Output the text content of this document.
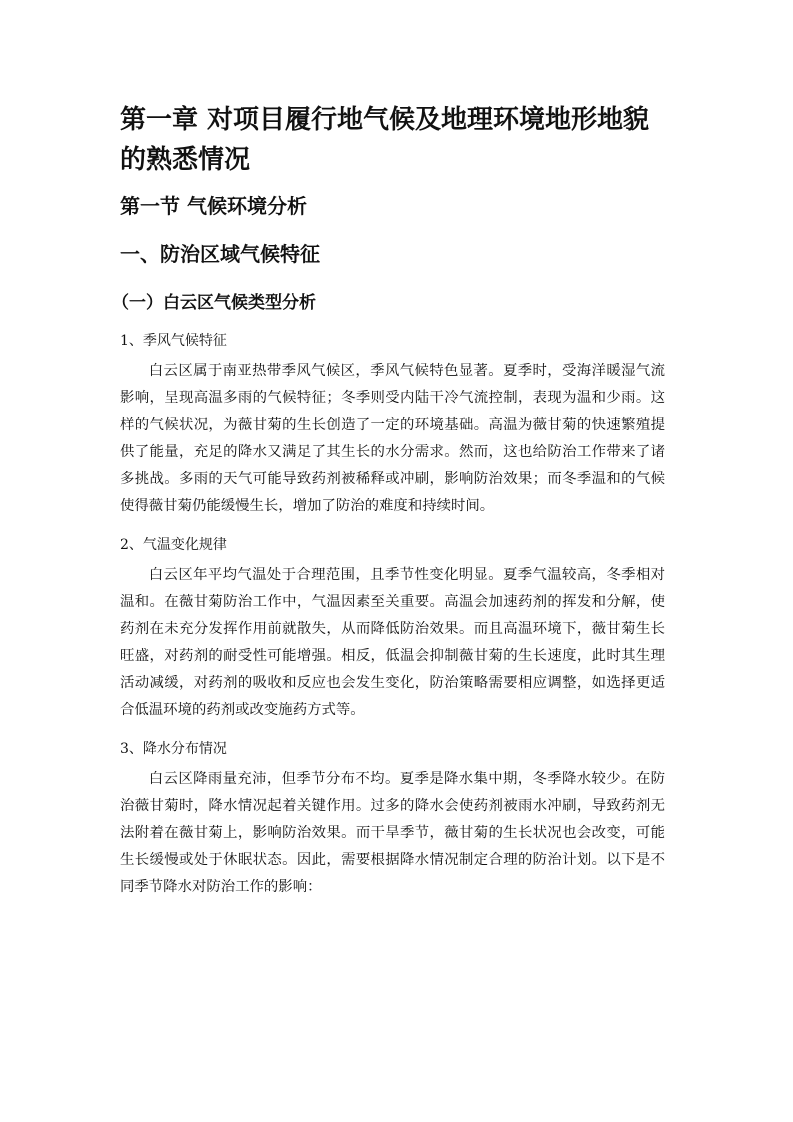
第一章 对项目履行地气候及地理环境地形地貌的熟悉情况
第一节 气候环境分析
一、防治区域气候特征
（一）白云区气候类型分析
1、季风气候特征

白云区属于南亚热带季风气候区，季风气候特色显著。夏季时，受海洋暖湿气流影响，呈现高温多雨的气候特征；冬季则受内陆干冷气流控制，表现为温和少雨。这样的气候状况，为薇甘菊的生长创造了一定的环境基础。高温为薇甘菊的快速繁殖提供了能量，充足的降水又满足了其生长的水分需求。然而，这也给防治工作带来了诸多挑战。多雨的天气可能导致药剂被稀释或冲刷，影响防治效果；而冬季温和的气候使得薇甘菊仍能缓慢生长，增加了防治的难度和持续时间。

2、气温变化规律

白云区年平均气温处于合理范围，且季节性变化明显。夏季气温较高，冬季相对温和。在薇甘菊防治工作中，气温因素至关重要。高温会加速药剂的挥发和分解，使药剂在未充分发挥作用前就散失，从而降低防治效果。而且高温环境下，薇甘菊生长旺盛，对药剂的耐受性可能增强。相反，低温会抑制薇甘菊的生长速度，此时其生理活动减缓，对药剂的吸收和反应也会发生变化，防治策略需要相应调整，如选择更适合低温环境的药剂或改变施药方式等。

3、降水分布情况

白云区降雨量充沛，但季节分布不均。夏季是降水集中期，冬季降水较少。在防治薇甘菊时，降水情况起着关键作用。过多的降水会使药剂被雨水冲刷，导致药剂无法附着在薇甘菊上，影响防治效果。而干旱季节，薇甘菊的生长状况也会改变，可能生长缓慢或处于休眠状态。因此，需要根据降水情况制定合理的防治计划。以下是不同季节降水对防治工作的影响：
